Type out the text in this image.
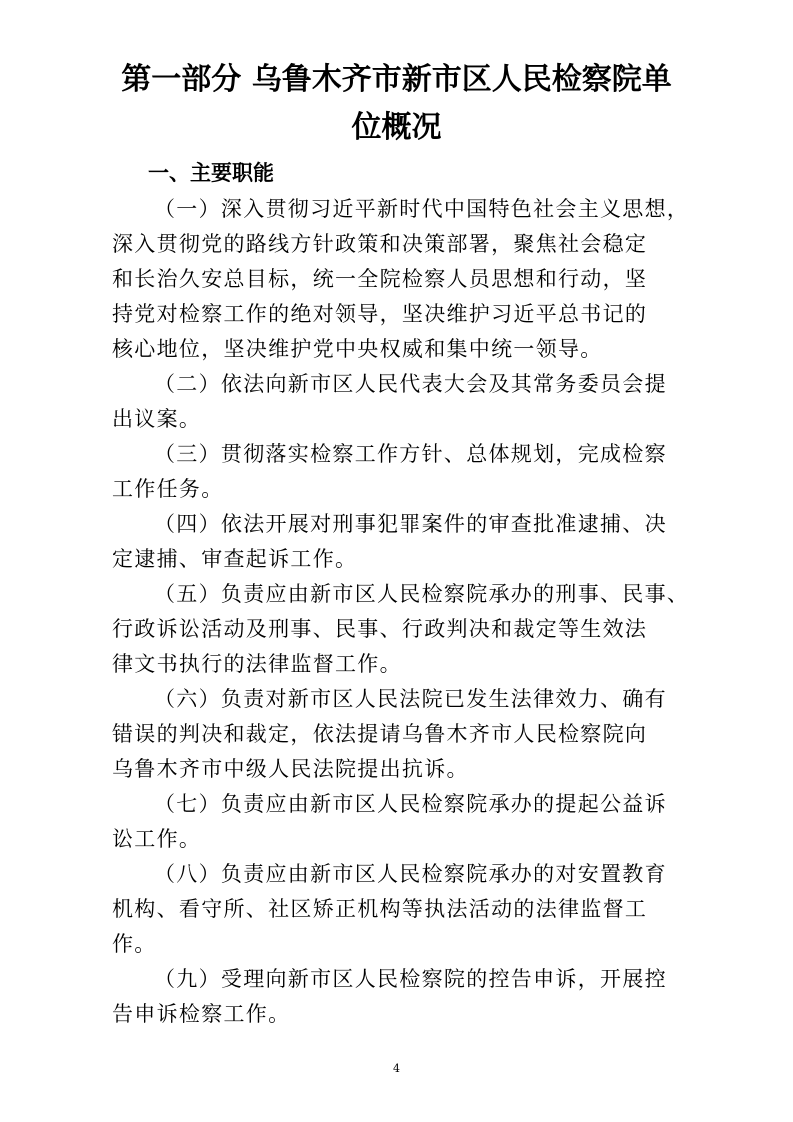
第一部分 乌鲁木齐市新市区人民检察院单
位概况
一、主要职能
（一）深入贯彻习近平新时代中国特色社会主义思想，
深入贯彻党的路线方针政策和决策部署，聚焦社会稳定
和长治久安总目标，统一全院检察人员思想和行动，坚
持党对检察工作的绝对领导，坚决维护习近平总书记的
核心地位，坚决维护党中央权威和集中统一领导。
（二）依法向新市区人民代表大会及其常务委员会提
出议案。
（三）贯彻落实检察工作方针、总体规划，完成检察
工作任务。
（四）依法开展对刑事犯罪案件的审查批准逮捕、决
定逮捕、审查起诉工作。
（五）负责应由新市区人民检察院承办的刑事、民事、
行政诉讼活动及刑事、民事、行政判决和裁定等生效法
律文书执行的法律监督工作。
（六）负责对新市区人民法院已发生法律效力、确有
错误的判决和裁定，依法提请乌鲁木齐市人民检察院向
乌鲁木齐市中级人民法院提出抗诉。
（七）负责应由新市区人民检察院承办的提起公益诉
讼工作。
（八）负责应由新市区人民检察院承办的对安置教育
机构、看守所、社区矫正机构等执法活动的法律监督工
作。
（九）受理向新市区人民检察院的控告申诉，开展控
告申诉检察工作。
4
